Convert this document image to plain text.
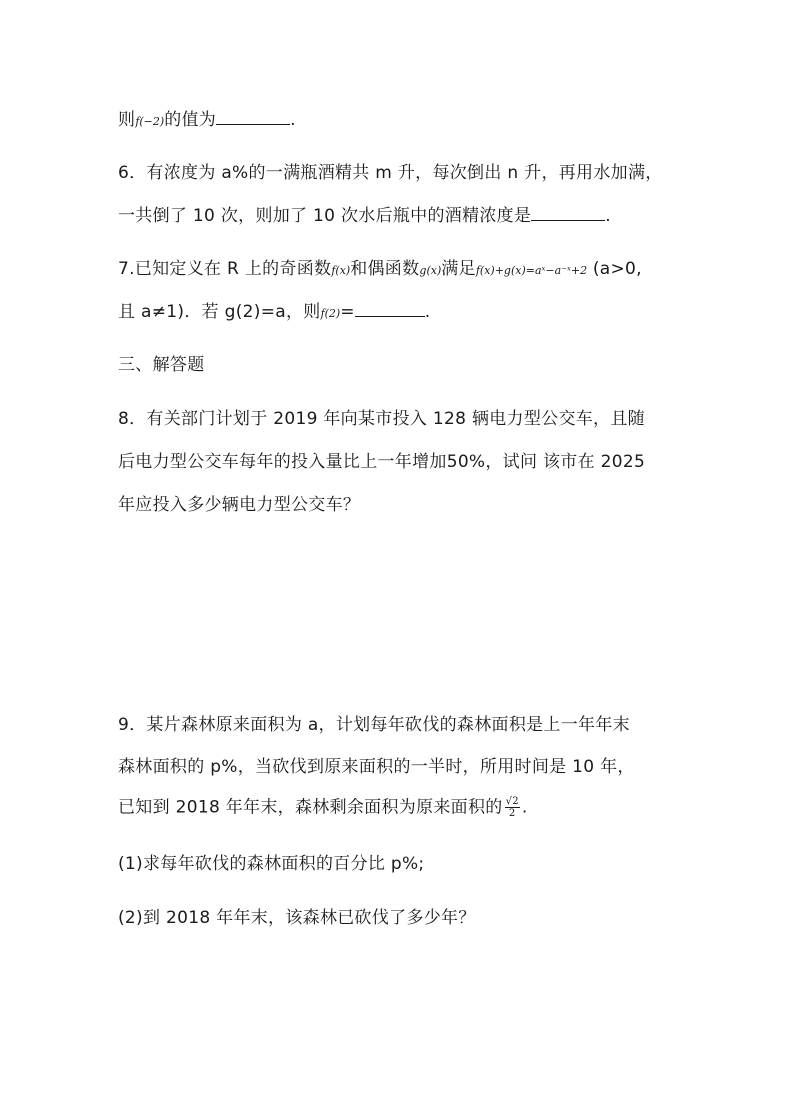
则f(−2)的值为	.
6．有浓度为 a%的一满瓶酒精共 m 升，每次倒出 n 升，再用水加满，
一共倒了 10 次，则加了 10 次水后瓶中的酒精浓度是	.
7.已知定义在 R 上的奇函数f(x)和偶函数g(x)满足f(x)+g(x)=aˣ−a⁻ˣ+2 (a>0,
且 a≠1)．若 g(2)=a，则f(2)=	.
三、解答题
8．有关部门计划于 2019 年向某市投入 128 辆电力型公交车，且随
后电力型公交车每年的投入量比上一年增加50%，试问 该市在 2025
年应投入多少辆电力型公交车？
9．某片森林原来面积为 a，计划每年砍伐的森林面积是上一年年末
森林面积的 p%，当砍伐到原来面积的一半时，所用时间是 10 年，
已知到 2018 年年末，森林剩余面积为原来面积的 $\frac{√2}{2}$ .
(1)求每年砍伐的森林面积的百分比 p%;
(2)到 2018 年年末，该森林已砍伐了多少年？
